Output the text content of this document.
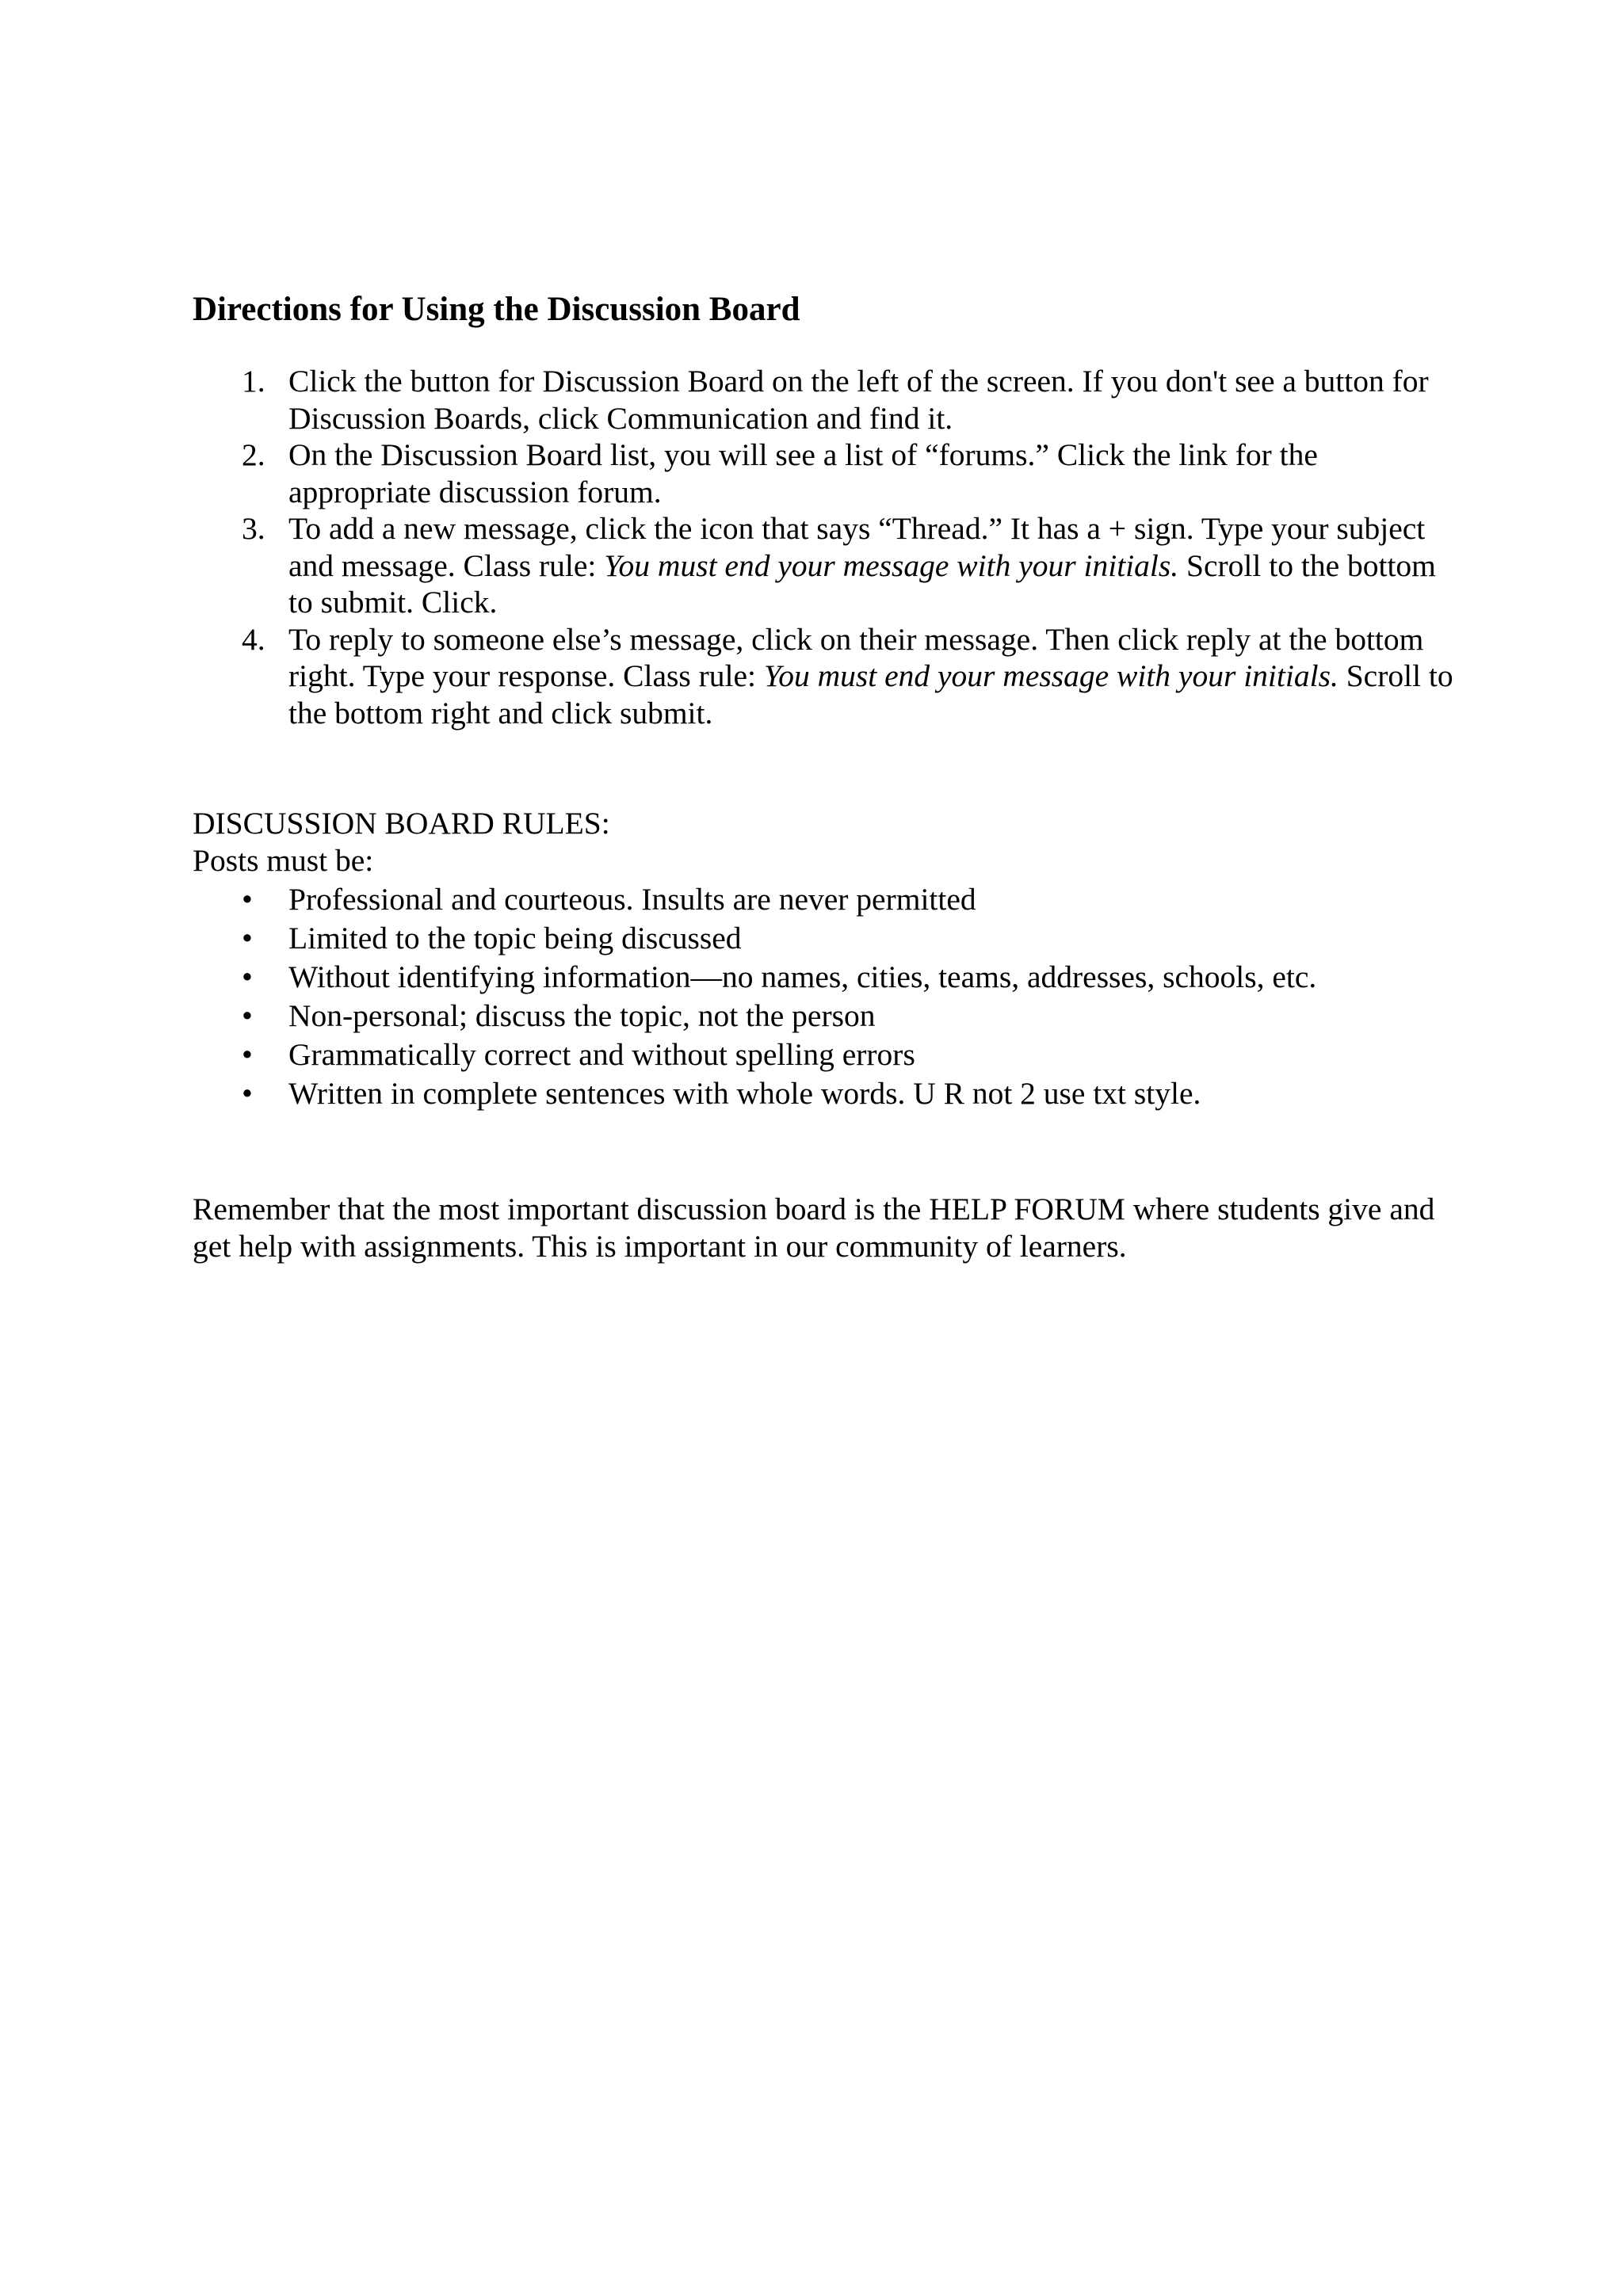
Directions for Using the Discussion Board
1. Click the button for Discussion Board on the left of the screen. If you don't see a button for Discussion Boards, click Communication and find it.
2. On the Discussion Board list, you will see a list of “forums.” Click the link for the appropriate discussion forum.
3. To add a new message, click the icon that says “Thread.” It has a + sign. Type your subject and message. Class rule: You must end your message with your initials. Scroll to the bottom to submit. Click.
4. To reply to someone else’s message, click on their message. Then click reply at the bottom right. Type your response. Class rule: You must end your message with your initials. Scroll to the bottom right and click submit.
DISCUSSION BOARD RULES:
Posts must be:
• Professional and courteous. Insults are never permitted
• Limited to the topic being discussed
• Without identifying information—no names, cities, teams, addresses, schools, etc.
• Non-personal; discuss the topic, not the person
• Grammatically correct and without spelling errors
• Written in complete sentences with whole words. U R not 2 use txt style.
Remember that the most important discussion board is the HELP FORUM where students give and get help with assignments. This is important in our community of learners.
